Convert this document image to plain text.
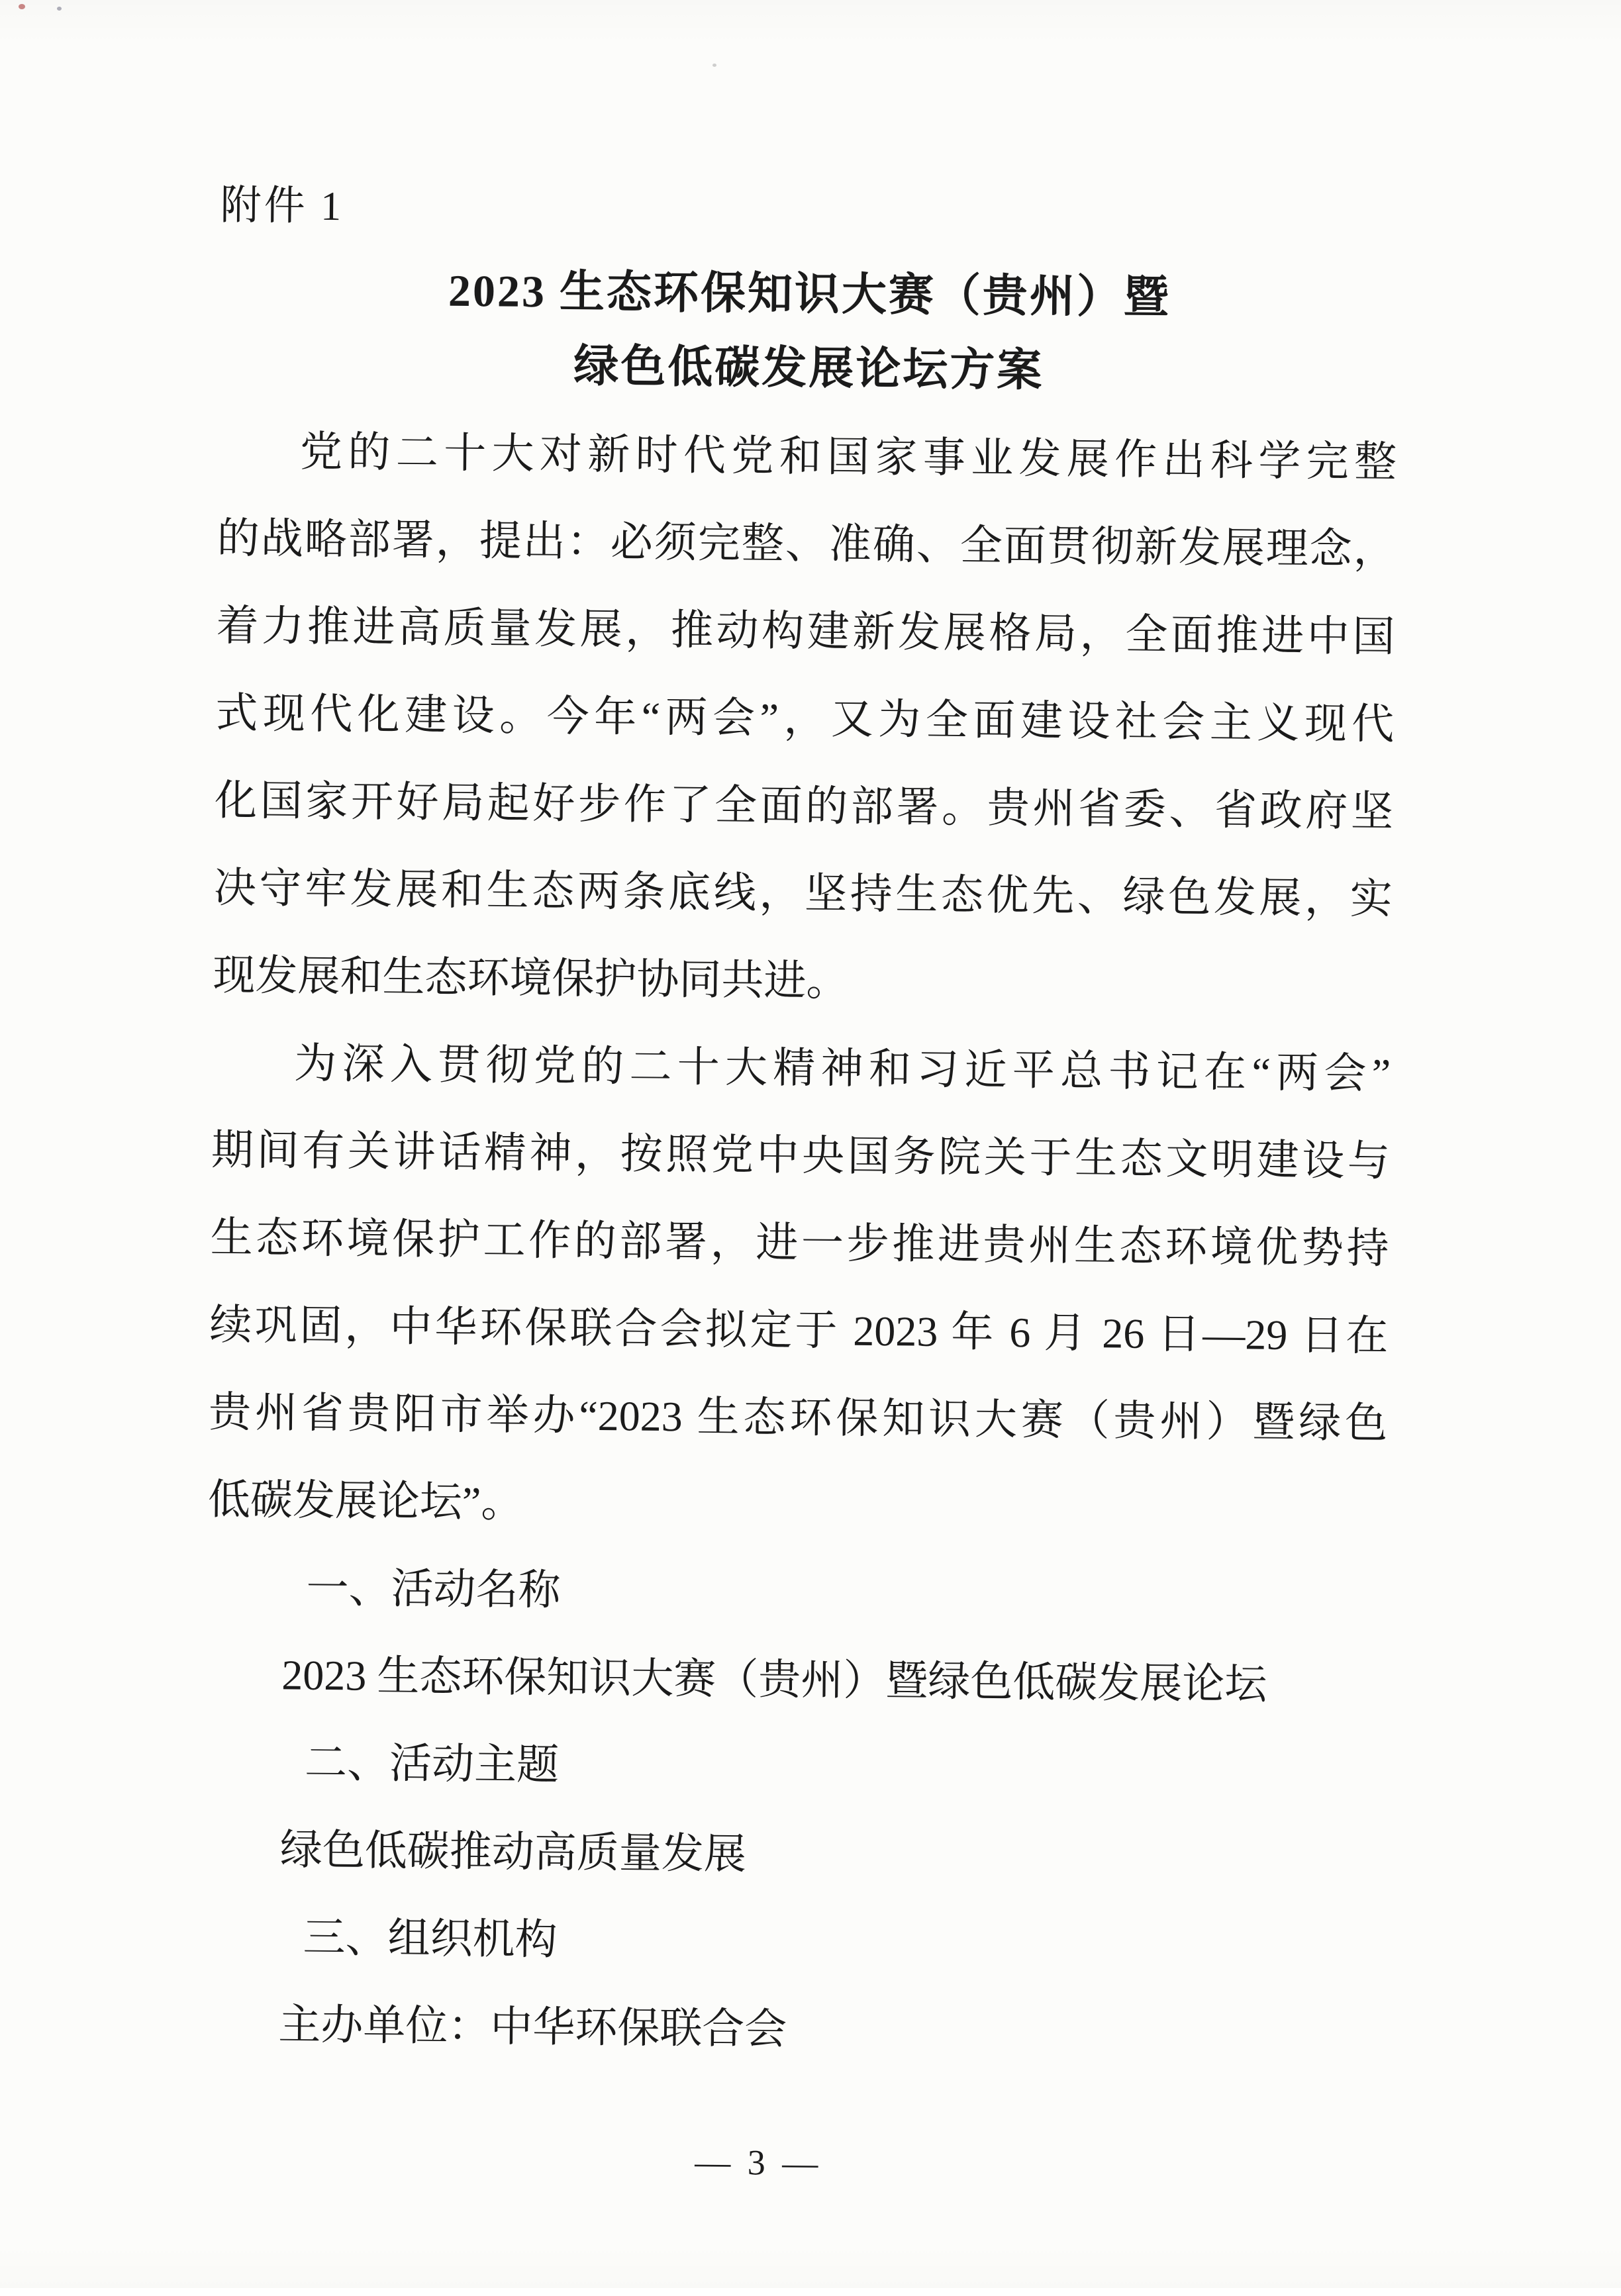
附件 1
2023 生态环保知识大赛（贵州）暨
绿色低碳发展论坛方案
党的二十大对新时代党和国家事业发展作出科学完整
的战略部署，提出：必须完整、准确、全面贯彻新发展理念，
着力推进高质量发展，推动构建新发展格局，全面推进中国
式现代化建设。今年“两会”，又为全面建设社会主义现代
化国家开好局起好步作了全面的部署。贵州省委、省政府坚
决守牢发展和生态两条底线，坚持生态优先、绿色发展，实
现发展和生态环境保护协同共进。
为深入贯彻党的二十大精神和习近平总书记在“两会”
期间有关讲话精神，按照党中央国务院关于生态文明建设与
生态环境保护工作的部署，进一步推进贵州生态环境优势持
续巩固，中华环保联合会拟定于 2023 年 6 月 26 日—29 日在
贵州省贵阳市举办“2023 生态环保知识大赛（贵州）暨绿色
低碳发展论坛”。
一、活动名称
2023 生态环保知识大赛（贵州）暨绿色低碳发展论坛
二、活动主题
绿色低碳推动高质量发展
三、组织机构
主办单位：中华环保联合会
— 3 —
